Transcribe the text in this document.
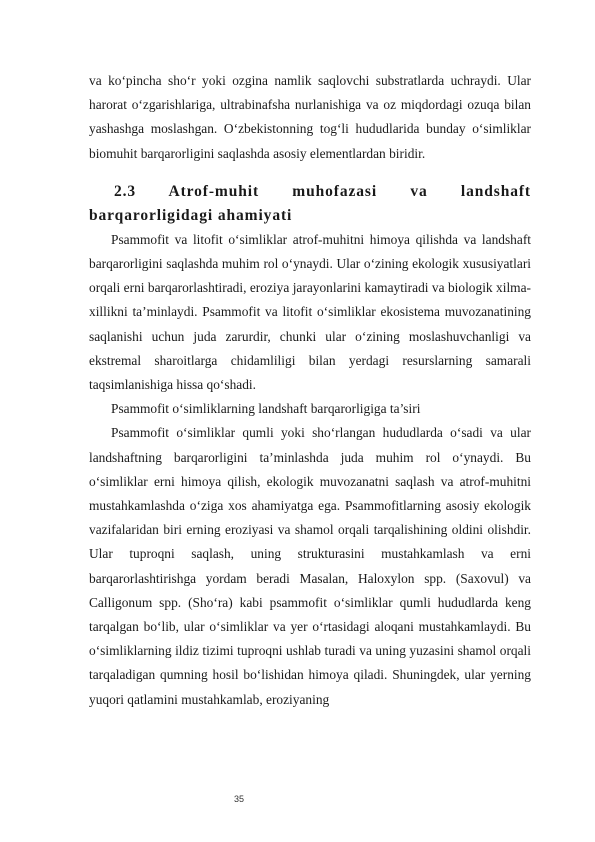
va ko‘pincha sho‘r yoki ozgina namlik saqlovchi substratlarda uchraydi. Ular harorat o‘zgarishlariga, ultrabinafsha nurlanishiga va oz miqdordagi ozuqa bilan yashashga moslashgan. O‘zbekistonning tog‘li hududlarida bunday o‘simliklar biomuhit barqarorligini saqlashda asosiy elementlardan biridir.

2.3 Atrof-muhit muhofazasi va landshaft barqarorligidagi ahamiyati

Psammofit va litofit o‘simliklar atrof-muhitni himoya qilishda va landshaft barqarorligini saqlashda muhim rol o‘ynaydi. Ular o‘zining ekologik xususiyatlari orqali erni barqarorlashtiradi, eroziya jarayonlarini kamaytiradi va biologik xilma-xillikni ta’minlaydi. Psammofit va litofit o‘simliklar ekosistema muvozanatining saqlanishi uchun juda zarurdir, chunki ular o‘zining moslashuvchanligi va ekstremal sharoitlarga chidamliligi bilan yerdagi resurslarning samarali taqsimlanishiga hissa qo‘shadi.

Psammofit o‘simliklarning landshaft barqarorligiga ta’siri

Psammofit o‘simliklar qumli yoki sho‘rlangan hududlarda o‘sadi va ular landshaftning barqarorligini ta’minlashda juda muhim rol o‘ynaydi. Bu o‘simliklar erni himoya qilish, ekologik muvozanatni saqlash va atrof-muhitni mustahkamlashda o‘ziga xos ahamiyatga ega. Psammofitlarning asosiy ekologik vazifalaridan biri erning eroziyasi va shamol orqali tarqalishining oldini olishdir. Ular tuproqni saqlash, uning strukturasini mustahkamlash va erni barqarorlashtirishga yordam beradi Masalan, Haloxylon spp. (Saxovul) va Calligonum spp. (Sho‘ra) kabi psammofit o‘simliklar qumli hududlarda keng tarqalgan bo‘lib, ular o‘simliklar va yer o‘rtasidagi aloqani mustahkamlaydi. Bu o‘simliklarning ildiz tizimi tuproqni ushlab turadi va uning yuzasini shamol orqali tarqaladigan qumning hosil bo‘lishidan himoya qiladi. Shuningdek, ular yerning yuqori qatlamini mustahkamlab, eroziyaning

35
